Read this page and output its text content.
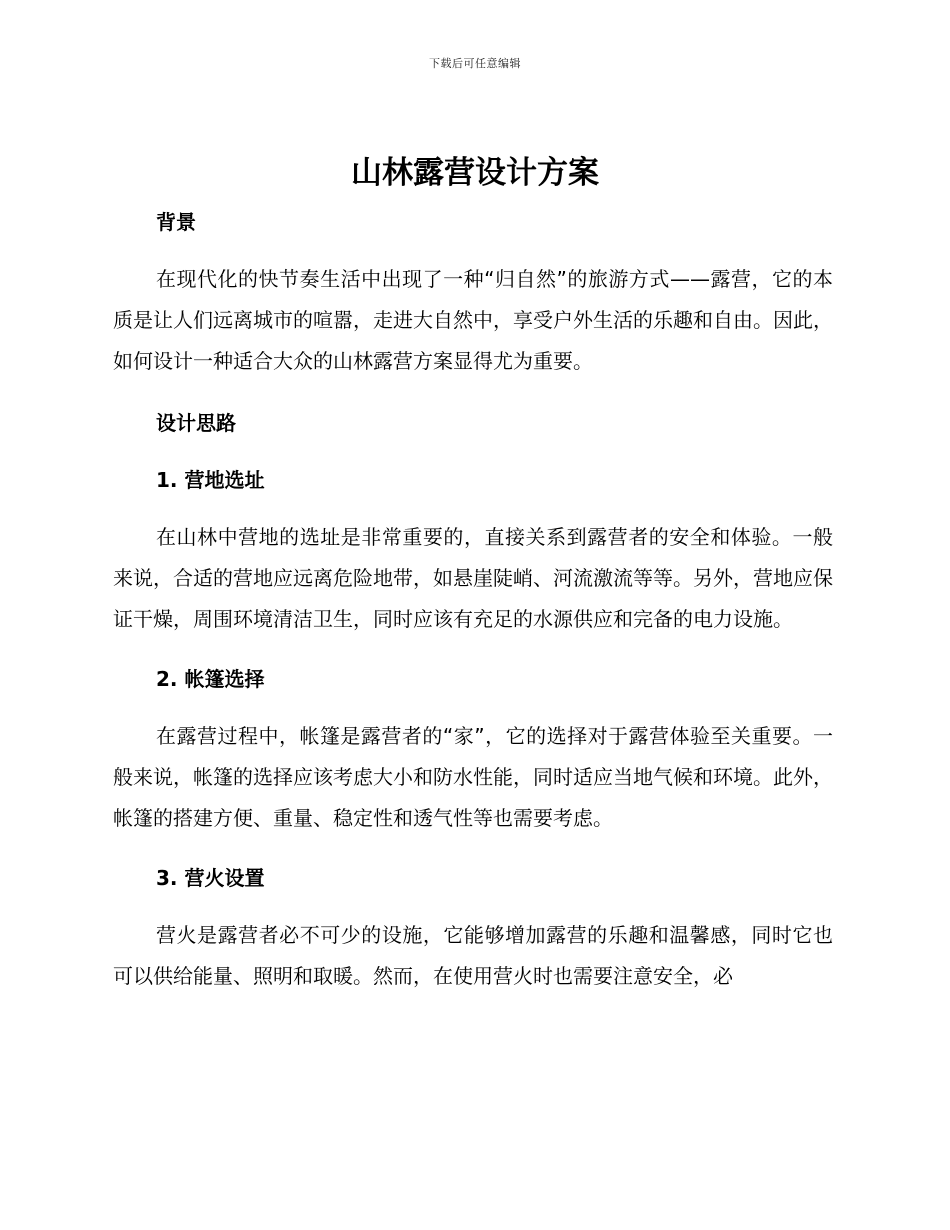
下载后可任意编辑
山林露营设计方案

背景

在现代化的快节奏生活中出现了一种“归自然”的旅游方式——露营，它的本质是让人们远离城市的喧嚣，走进大自然中，享受户外生活的乐趣和自由。因此，如何设计一种适合大众的山林露营方案显得尤为重要。

设计思路

1. 营地选址

在山林中营地的选址是非常重要的，直接关系到露营者的安全和体验。一般来说，合适的营地应远离危险地带，如悬崖陡峭、河流激流等等。另外，营地应保证干燥，周围环境清洁卫生，同时应该有充足的水源供应和完备的电力设施。

2. 帐篷选择

在露营过程中，帐篷是露营者的“家”，它的选择对于露营体验至关重要。一般来说，帐篷的选择应该考虑大小和防水性能，同时适应当地气候和环境。此外，帐篷的搭建方便、重量、稳定性和透气性等也需要考虑。

3. 营火设置

营火是露营者必不可少的设施，它能够增加露营的乐趣和温馨感，同时它也可以供给能量、照明和取暖。然而，在使用营火时也需要注意安全，必
